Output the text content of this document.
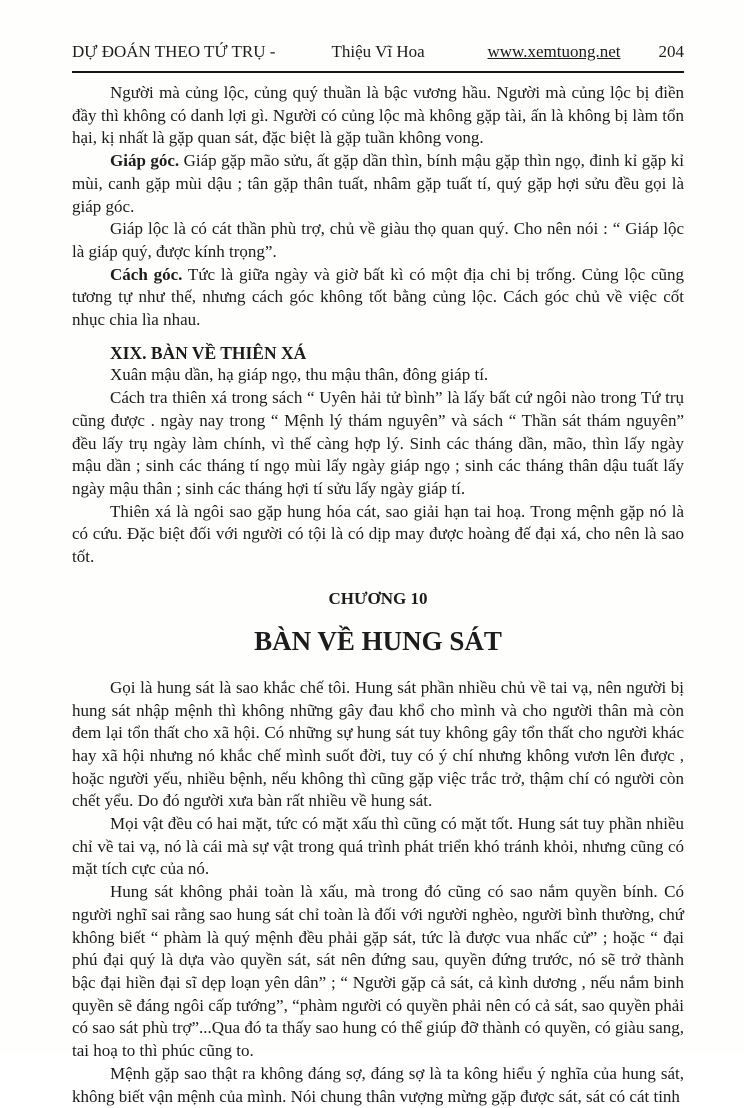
DỰ ĐOÁN THEO TỨ TRỤ -	Thiệu Vĩ Hoa	www.xemtuong.net 204

Người mà củng lộc, củng quý thuần là bậc vương hầu. Người mà củng lộc bị điền đầy thì không có danh lợi gì. Người có củng lộc mà không gặp tài, ấn là không bị làm tổn hại, kị nhất là gặp quan sát, đặc biệt là gặp tuần không vong.

Giáp góc. Giáp gặp mão sửu, ất gặp dần thìn, bính mậu gặp thìn ngọ, đinh kỉ gặp kỉ mùi, canh gặp mùi dậu ; tân gặp thân tuất, nhâm gặp tuất tí, quý gặp hợi sửu đều gọi là giáp góc.

Giáp lộc là có cát thần phù trợ, chủ về giàu thọ quan quý. Cho nên nói : “ Giáp lộc là giáp quý, được kính trọng”.

Cách góc. Tức là giữa ngày và giờ bất kì có một địa chi bị trống. Củng lộc cũng tương tự như thế, nhưng cách góc không tốt bằng củng lộc. Cách góc chủ về việc cốt nhục chia lìa nhau.

XIX. BÀN VỀ THIÊN XÁ

Xuân mậu dần, hạ giáp ngọ, thu mậu thân, đông giáp tí.

Cách tra thiên xá trong sách “ Uyên hải tử bình” là lấy bất cứ ngôi nào trong Tứ trụ cũng được . ngày nay trong “ Mệnh lý thám nguyên” và sách “ Thần sát thám nguyên” đều lấy trụ ngày làm chính, vì thế càng hợp lý. Sinh các tháng dần, mão, thìn lấy ngày mậu dần ; sinh các tháng tí ngọ mùi lấy ngày giáp ngọ ; sinh các tháng thân dậu tuất lấy ngày mậu thân ; sinh các tháng hợi tí sửu lấy ngày giáp tí.

Thiên xá là ngôi sao gặp hung hóa cát, sao giải hạn tai hoạ. Trong mệnh gặp nó là có cứu. Đặc biệt đối với người có tội là có dịp may được hoàng đế đại xá, cho nên là sao tốt.

CHƯƠNG 10

BÀN VỀ HUNG SÁT

Gọi là hung sát là sao khắc chế tôi. Hung sát phần nhiều chủ về tai vạ, nên người bị hung sát nhập mệnh thì không những gây đau khổ cho mình và cho người thân mà còn đem lại tổn thất cho xã hội. Có những sự hung sát tuy không gây tổn thất cho người khác hay xã hội nhưng nó khắc chế mình suốt đời, tuy có ý chí nhưng không vươn lên được , hoặc người yếu, nhiều bệnh, nếu không thì cũng gặp việc trắc trở, thậm chí có người còn chết yểu. Do đó người xưa bàn rất nhiều về hung sát.

Mọi vật đều có hai mặt, tức có mặt xấu thì cũng có mặt tốt. Hung sát tuy phần nhiều chỉ về tai vạ, nó là cái mà sự vật trong quá trình phát triển khó tránh khỏi, nhưng cũng có mặt tích cực của nó.

Hung sát không phải toàn là xấu, mà trong đó cũng có sao nắm quyền bính. Có người nghĩ sai rằng sao hung sát chỉ toàn là đối với người nghèo, người bình thường, chứ không biết “ phàm là quý mệnh đều phải gặp sát, tức là được vua nhấc cử” ; hoặc “ đại phú đại quý là dựa vào quyền sát, sát nên đứng sau, quyền đứng trước, nó sẽ trở thành bậc đại hiền đại sĩ dẹp loạn yên dân” ; “ Người gặp cả sát, cả kình dương , nếu nắm binh quyền sẽ đáng ngôi cấp tướng”, “phàm người có quyền phải nên có cả sát, sao quyền phải có sao sát phù trợ”...Qua đó ta thấy sao hung có thể giúp đỡ thành có quyền, có giàu sang, tai hoạ to thì phúc cũng to.

Mệnh gặp sao thật ra không đáng sợ, đáng sợ là ta kông hiểu ý nghĩa của hung sát, không biết vận mệnh của mình. Nói chung thân vượng mừng gặp được sát, sát có cát tinh
